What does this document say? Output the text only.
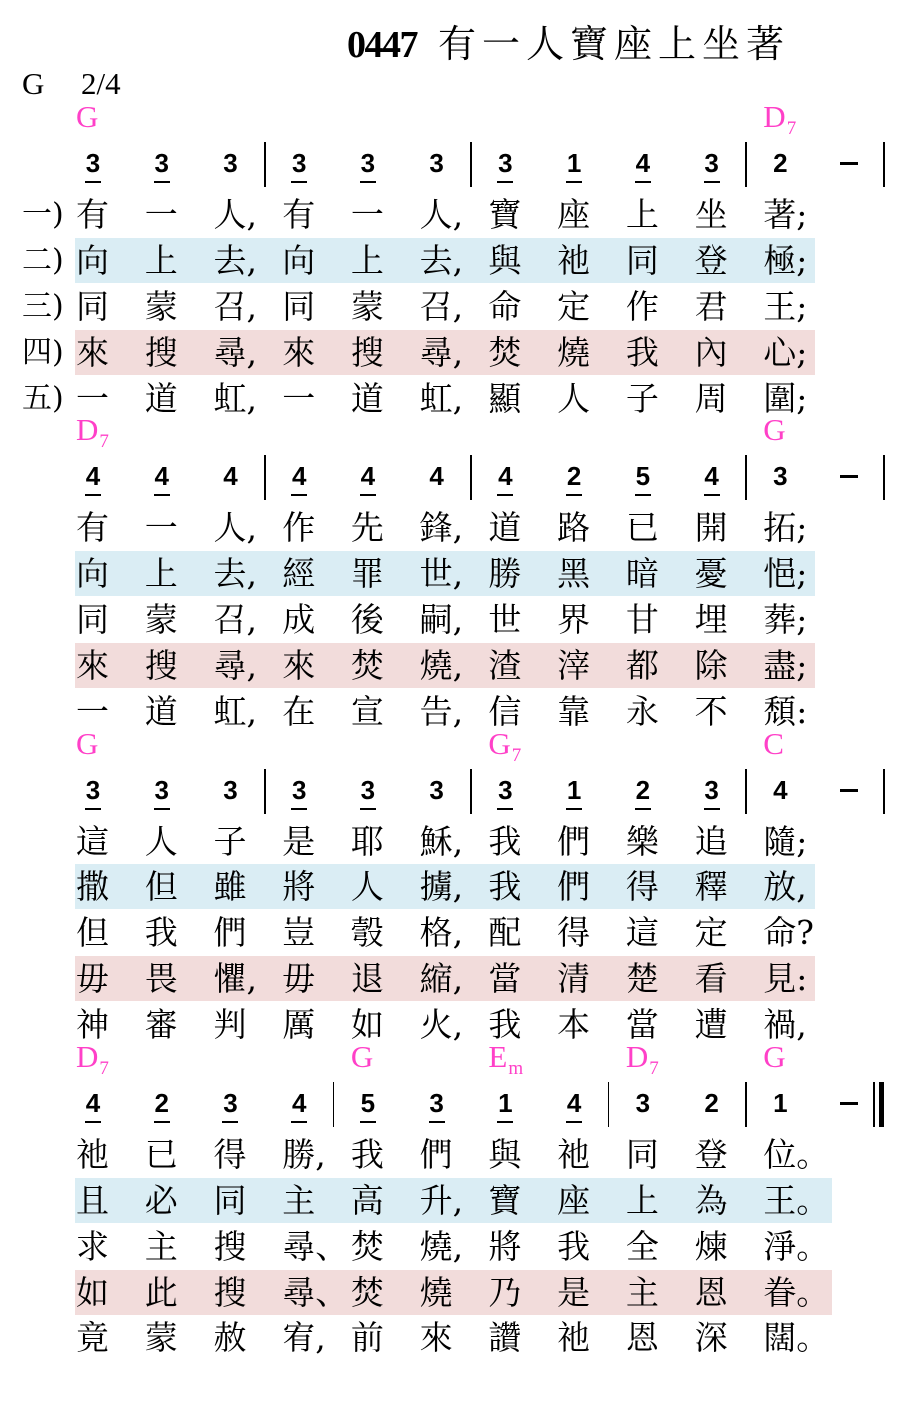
0447 有一人寶座上坐著
G 2/4
G	$D_7$
3 3 3 3 3 3 3 1 4 3 2
一) 有 一 人, 有 一 人, 寶 座 上 坐 著;
二) 向 上 去, 向 上 去, 與 祂 同 登 極;
三) 同 蒙 召, 同 蒙 召, 命 定 作 君 王;
四) 來 搜 尋, 來 搜 尋, 焚 燒 我 內 心;
五) 一 道 虹, 一 道 虹, 顯 人 子 周 圍;
$D_7$	G
4 4 4 4 4 4 4 2 5 4 3
有 一 人, 作 先 鋒, 道 路 已 開 拓;
向 上 去, 經 罪 世, 勝 黑 暗 憂 悒;
同 蒙 召, 成 後 嗣, 世 界 甘 埋 葬;
來 搜 尋, 來 焚 燒, 渣 滓 都 除 盡;
一 道 虹, 在 宣 告, 信 靠 永 不 頹:
G	$G_7$	C
3 3 3 3 3 3 3 1 2 3 4
這 人 子 是 耶 穌, 我 們 樂 追 隨;
撒 但 雖 將 人 擄, 我 們 得 釋 放,
但 我 們 豈 彀 格, 配 得 這 定 命?
毋 畏 懼, 毋 退 縮, 當 清 楚 看 見:
神 審 判 厲 如 火, 我 本 當 遭 禍,
$D_7$	G	$E_m$	$D_7$	G
4 2 3 4 5 3 1 4 3 2 1
祂 已 得 勝, 我 們 與 祂 同 登 位。
且 必 同 主 高 升, 寶 座 上 為 王。
求 主 搜 尋、 焚 燒, 將 我 全 煉 淨。
如 此 搜 尋、 焚 燒 乃 是 主 恩 眷。
竟 蒙 赦 宥, 前 來 讚 祂 恩 深 闊。
